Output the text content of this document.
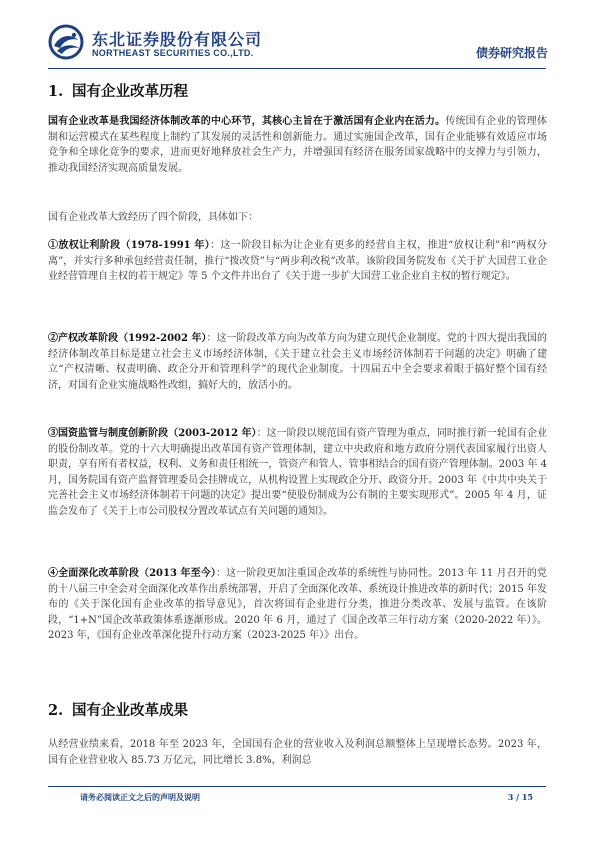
东北证券股份有限公司
NORTHEAST SECURITIES CO.,LTD.	债券研究报告
1. 国有企业改革历程

国有企业改革是我国经济体制改革的中心环节，其核心主旨在于激活国有企业内在活力。传统国有企业的管理体制和运营模式在某些程度上制约了其发展的灵活性和创新能力。通过实施国企改革，国有企业能够有效适应市场竞争和全球化竞争的要求，进而更好地释放社会生产力，并增强国有经济在服务国家战略中的支撑力与引领力，推动我国经济实现高质量发展。

国有企业改革大致经历了四个阶段，具体如下：

①放权让利阶段（1978-1991 年）：这一阶段目标为让企业有更多的经营自主权，推进“放权让利”和“两权分离”，并实行多种承包经营责任制，推行“拨改贷”与“两步利改税”改革。该阶段国务院发布《关于扩大国营工业企业经营管理自主权的若干规定》等 5 个文件并出台了《关于进一步扩大国营工业企业自主权的暂行规定》。

②产权改革阶段（1992-2002 年）：这一阶段改革方向为改革方向为建立现代企业制度。党的十四大提出我国的经济体制改革目标是建立社会主义市场经济体制，《关于建立社会主义市场经济体制若干问题的决定》明确了建立“产权清晰、权责明确、政企分开和管理科学”的现代企业制度。十四届五中全会要求着眼于搞好整个国有经济，对国有企业实施战略性改组，搞好大的，放活小的。

③国资监管与制度创新阶段（2003-2012 年）：这一阶段以规范国有资产管理为重点，同时推行新一轮国有企业的股份制改革。党的十六大明确提出改革国有资产管理体制，建立中央政府和地方政府分别代表国家履行出资人职责，享有所有者权益，权利、义务和责任相统一，管资产和管人、管事相结合的国有资产管理体制。2003 年 4 月，国务院国有资产监督管理委员会挂牌成立，从机构设置上实现政企分开、政资分开。2003 年《中共中央关于完善社会主义市场经济体制若干问题的决定》提出要“使股份制成为公有制的主要实现形式”。2005 年 4 月，证监会发布了《关于上市公司股权分置改革试点有关问题的通知》。

④全面深化改革阶段（2013 年至今）：这一阶段更加注重国企改革的系统性与协同性。2013 年 11 月召开的党的十八届三中全会对全面深化改革作出系统部署，开启了全面深化改革、系统设计推进改革的新时代；2015 年发布的《关于深化国有企业改革的指导意见》，首次将国有企业进行分类，推进分类改革、发展与监管。在该阶段，“1+N”国企改革政策体系逐渐形成。2020 年 6 月，通过了《国企改革三年行动方案（2020-2022 年）》。2023 年，《国有企业改革深化提升行动方案（2023-2025 年）》出台。

2. 国有企业改革成果

从经营业绩来看，2018 年至 2023 年，全国国有企业的营业收入及利润总额整体上呈现增长态势。2023 年，国有企业营业收入 85.73 万亿元，同比增长 3.8%，利润总

请务必阅读正文之后的声明及说明	3 / 15
